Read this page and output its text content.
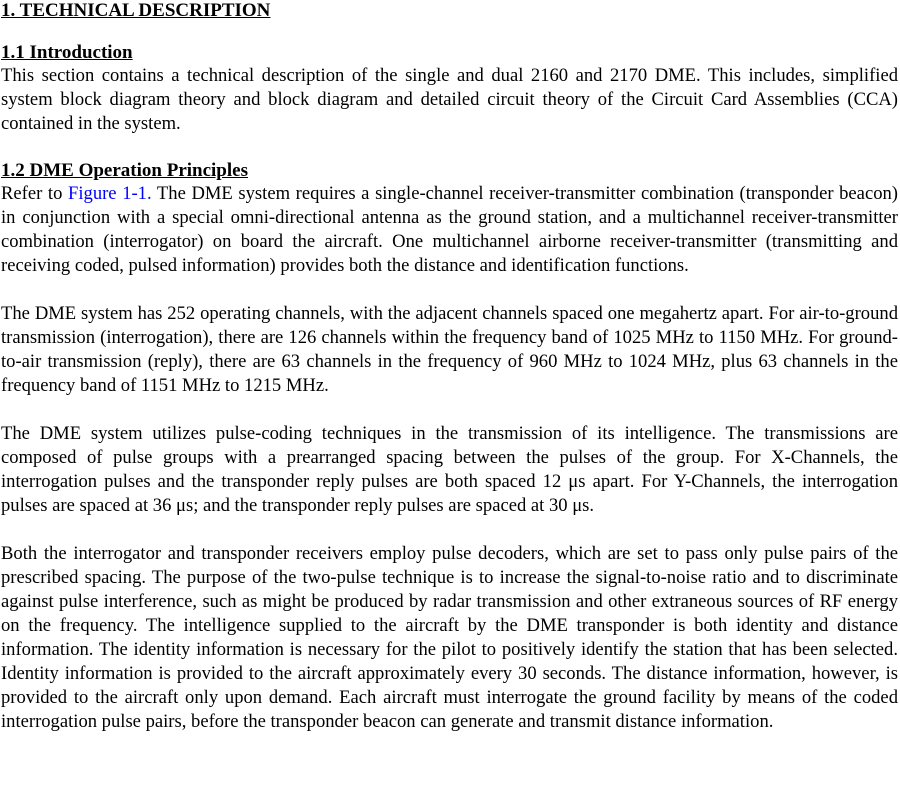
1. TECHNICAL DESCRIPTION
1.1 Introduction

This section contains a technical description of the single and dual 2160 and 2170 DME. This includes, simplified system block diagram theory and block diagram and detailed circuit theory of the Circuit Card Assemblies (CCA) contained in the system.

1.2 DME Operation Principles

Refer to Figure 1-1. The DME system requires a single-channel receiver-transmitter combination (transponder beacon) in conjunction with a special omni-directional antenna as the ground station, and a multichannel receiver-transmitter combination (interrogator) on board the aircraft. One multichannel airborne receiver-transmitter (transmitting and receiving coded, pulsed information) provides both the distance and identification functions.

The DME system has 252 operating channels, with the adjacent channels spaced one megahertz apart. For air-to-ground transmission (interrogation), there are 126 channels within the frequency band of 1025 MHz to 1150 MHz. For ground-to-air transmission (reply), there are 63 channels in the frequency of 960 MHz to 1024 MHz, plus 63 channels in the frequency band of 1151 MHz to 1215 MHz.

The DME system utilizes pulse-coding techniques in the transmission of its intelligence. The transmissions are composed of pulse groups with a prearranged spacing between the pulses of the group. For X-Channels, the interrogation pulses and the transponder reply pulses are both spaced 12 μs apart. For Y-Channels, the interrogation pulses are spaced at 36 μs; and the transponder reply pulses are spaced at 30 μs.

Both the interrogator and transponder receivers employ pulse decoders, which are set to pass only pulse pairs of the prescribed spacing. The purpose of the two-pulse technique is to increase the signal-to-noise ratio and to discriminate against pulse interference, such as might be produced by radar transmission and other extraneous sources of RF energy on the frequency. The intelligence supplied to the aircraft by the DME transponder is both identity and distance information. The identity information is necessary for the pilot to positively identify the station that has been selected. Identity information is provided to the aircraft approximately every 30 seconds. The distance information, however, is provided to the aircraft only upon demand. Each aircraft must interrogate the ground facility by means of the coded interrogation pulse pairs, before the transponder beacon can generate and transmit distance information.
